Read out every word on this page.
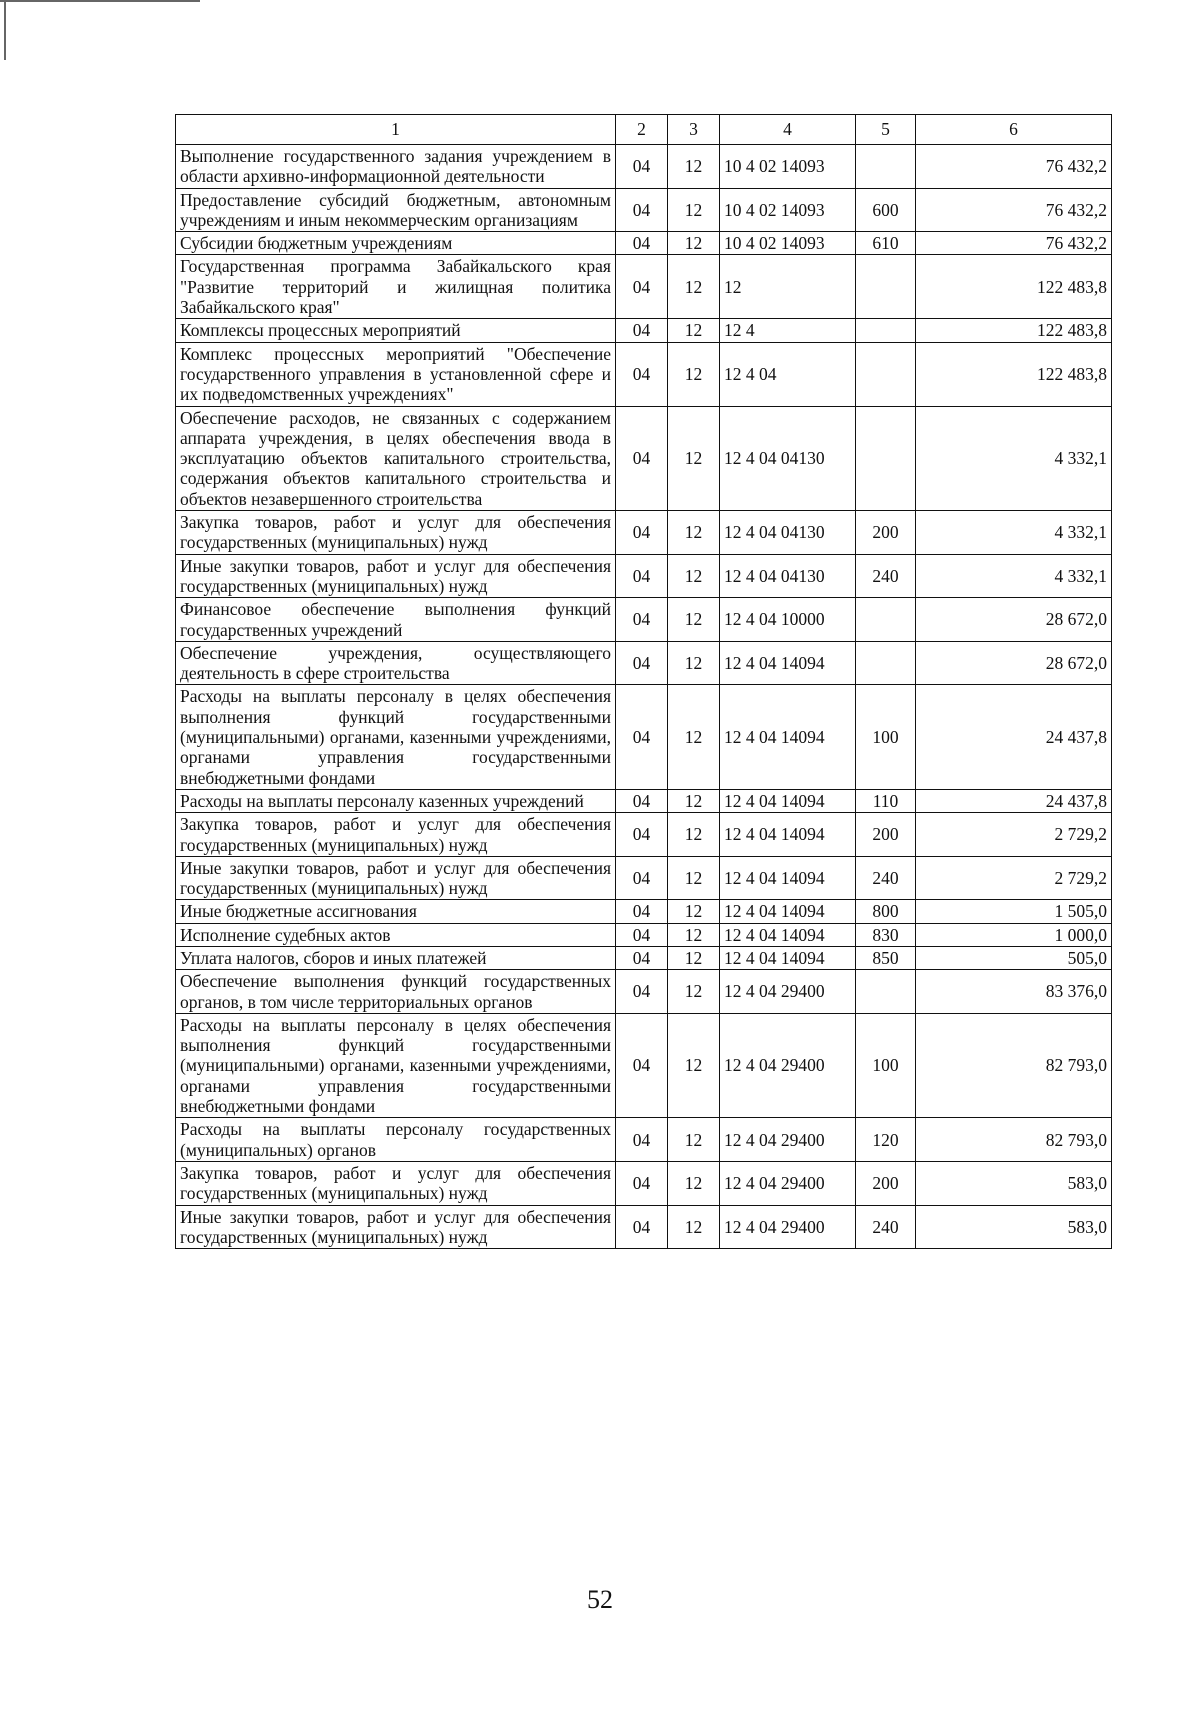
1	2	3	4	5	6
Выполнение государственного задания учреждением в области архивно-информационной деятельности	04	12	10 4 02 14093		76 432,2
Предоставление субсидий бюджетным, автономным учреждениям и иным некоммерческим организациям	04	12	10 4 02 14093	600	76 432,2
Субсидии бюджетным учреждениям	04	12	10 4 02 14093	610	76 432,2
Государственная программа Забайкальского края "Развитие территорий и жилищная политика Забайкальского края"	04	12	12		122 483,8
Комплексы процессных мероприятий	04	12	12 4		122 483,8
Комплекс процессных мероприятий "Обеспечение государственного управления в установленной сфере и их подведомственных учреждениях"	04	12	12 4 04		122 483,8
Обеспечение расходов, не связанных с содержанием аппарата учреждения, в целях обеспечения ввода в эксплуатацию объектов капитального строительства, содержания объектов капитального строительства и объектов незавершенного строительства	04	12	12 4 04 04130		4 332,1
Закупка товаров, работ и услуг для обеспечения государственных (муниципальных) нужд	04	12	12 4 04 04130	200	4 332,1
Иные закупки товаров, работ и услуг для обеспечения государственных (муниципальных) нужд	04	12	12 4 04 04130	240	4 332,1
Финансовое обеспечение выполнения функций государственных учреждений	04	12	12 4 04 10000		28 672,0
Обеспечение учреждения, осуществляющего деятельность в сфере строительства	04	12	12 4 04 14094		28 672,0
Расходы на выплаты персоналу в целях обеспечения выполнения функций государственными (муниципальными) органами, казенными учреждениями, органами управления государственными внебюджетными фондами	04	12	12 4 04 14094	100	24 437,8
Расходы на выплаты персоналу казенных учреждений	04	12	12 4 04 14094	110	24 437,8
Закупка товаров, работ и услуг для обеспечения государственных (муниципальных) нужд	04	12	12 4 04 14094	200	2 729,2
Иные закупки товаров, работ и услуг для обеспечения государственных (муниципальных) нужд	04	12	12 4 04 14094	240	2 729,2
Иные бюджетные ассигнования	04	12	12 4 04 14094	800	1 505,0
Исполнение судебных актов	04	12	12 4 04 14094	830	1 000,0
Уплата налогов, сборов и иных платежей	04	12	12 4 04 14094	850	505,0
Обеспечение выполнения функций государственных органов, в том числе территориальных органов	04	12	12 4 04 29400		83 376,0
Расходы на выплаты персоналу в целях обеспечения выполнения функций государственными (муниципальными) органами, казенными учреждениями, органами управления государственными внебюджетными фондами	04	12	12 4 04 29400	100	82 793,0
Расходы на выплаты персоналу государственных (муниципальных) органов	04	12	12 4 04 29400	120	82 793,0
Закупка товаров, работ и услуг для обеспечения государственных (муниципальных) нужд	04	12	12 4 04 29400	200	583,0
Иные закупки товаров, работ и услуг для обеспечения государственных (муниципальных) нужд	04	12	12 4 04 29400	240	583,0
52
